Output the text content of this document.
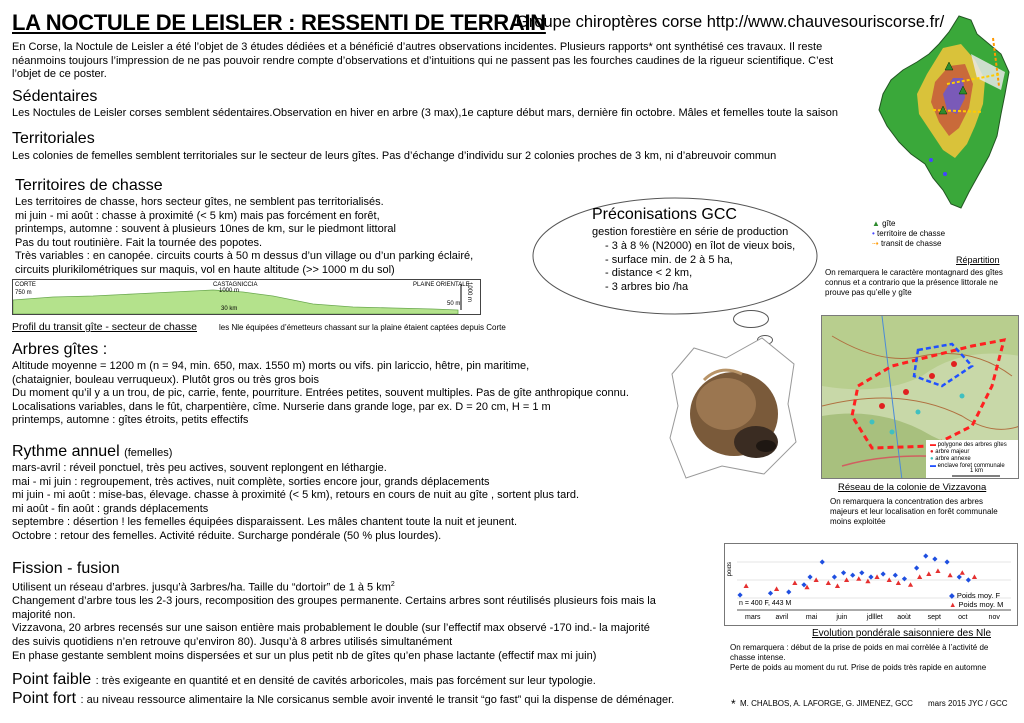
LA NOCTULE DE LEISLER : RESSENTI DE TERRAIN
Groupe chiroptères corse http://www.chauvesouriscorse.fr/
En Corse, la Noctule de Leisler a été l’objet de 3 études dédiées et a bénéficié d’autres observations incidentes. Plusieurs rapports* ont synthétisé ces travaux. Il reste
néanmoins toujours l’impression de ne pas pouvoir rendre compte d’observations et d’intuitions qui ne passent pas les fourches caudines de la rigueur scientifique. C’est
l’objet de ce poster.
Sédentaires
Les Noctules de Leisler corses semblent sédentaires.Observation en hiver en arbre (3 max),1e capture début mars, dernière fin octobre. Mâles et femelles toute la saison
Territoriales
Les colonies de femelles semblent territoriales sur le secteur de leurs gîtes. Pas d’échange d’individu sur 2 colonies proches de 3 km, ni d’abreuvoir commun
Territoires de chasse
Les territoires de chasse, hors secteur gîtes, ne semblent pas territorialisés.
mi juin - mi août : chasse à proximité (< 5 km) mais pas forcément en forêt,
printemps, automne : souvent à plusieurs 10nes de km, sur le piedmont littoral
Pas du tout routinière. Fait la tournée des popotes.
Très variables : en canopée. circuits courts à 50 m dessus d’un village ou d’un parking éclairé,
circuits plurikilométriques sur maquis, vol en haute altitude (>> 1000 m du sol)
CORTE
750 m
CASTAGNICCIA
1000 m
PLAINE ORIENTALE
50 m
30 km
1000 m
Profil du transit gîte - secteur de chasse	les Nle équipées d’émetteurs chassant sur la plaine étaient captées depuis Corte
Préconisations GCC
gestion forestière en série de production
- 3 à 8 % (N2000) en îlot de vieux bois,
- surface min. de 2 à 5 ha,
- distance < 2 km,
- 3 arbres bio /ha
Arbres gîtes :
Altitude moyenne = 1200 m (n = 94, min. 650, max. 1550 m) morts ou vifs. pin lariccio, hêtre, pin maritime,
(chataignier, bouleau verruqueux). Plutôt gros ou très gros bois
Du moment qu’il y a un trou, de pic, carrie, fente, pourriture. Entrées petites, souvent multiples. Pas de gîte anthropique connu.
Localisations variables, dans le fût, charpentière, cîme. Nurserie dans grande loge, par ex. D = 20 cm, H = 1 m
printemps, automne : gîtes étroits, petits effectifs
Rythme annuel (femelles)
mars-avril : réveil ponctuel, très peu actives, souvent replongent en léthargie.
mai - mi juin : regroupement, très actives, nuit complète, sorties encore jour, grands déplacements
mi juin - mi août : mise-bas, élevage. chasse à proximité (< 5 km), retours en cours de nuit au gîte , sortent plus tard.
mi août - fin août : grands déplacements
septembre : désertion ! les femelles équipées disparaissent. Les mâles chantent toute la nuit et jeunent.
Octobre : retour des femelles. Activité réduite. Surcharge pondérale (50 % plus lourdes).
Fission - fusion
Utilisent un réseau d’arbres. jusqu’à 3arbres/ha. Taille du “dortoir” de 1 à 5 $km^2$
Changement d’arbre tous les 2-3 jours, recomposition des groupes permanente. Certains arbres sont réutilisés plusieurs fois mais la
majorité non.
Vizzavona, 20 arbres recensés sur une saison entière mais probablement le double (sur l’effectif max observé -170 ind.- la majorité
des suivis quotidiens n’en retrouve qu’environ 80). Jusqu’à 8 arbres utilisés simultanément
En phase gestante semblent moins dispersées et sur un plus petit nb de gîtes qu’en phase lactante (effectif max mi juin)
Point faible : très exigeante en quantité et en densité de cavités arboricoles, mais pas forcément sur leur typologie.
Point fort : au niveau ressource alimentaire la Nle corsicanus semble avoir inventé le transit “go fast” qui la dispense de déménager.
▲ gîte
• territoire de chasse
⇢ transit de chasse
Répartition
On remarquera le caractère montagnard des gîtes
connus et a contrario que la présence littorale ne
prouve pas qu’elle y gîte
▬ polygone des arbres gîtes
● arbre majeur
● arbre annexe
▬ enclave foret communale
1 km
Réseau de la colonie de Vizzavona
On remarquera la concentration des arbres
majeurs et leur localisation en forêt communale
moins exploitée
poids
n = 400 F, 443 M
◆ Poids moy. F
▲ Poids moy. M
mars avril	mai	juin	jdlllet aoùt sept oct	nov
Evolution pondérale saisonniere des Nle
On remarquera : début de la prise de poids en mai corrèlée à l’activité de
chasse intense.
Perte de poids au moment du rut. Prise de poids très rapide en automne
* M. CHALBOS, A. LAFORGE, G. JIMENEZ, GCC mars 2015 JYC / GCC
